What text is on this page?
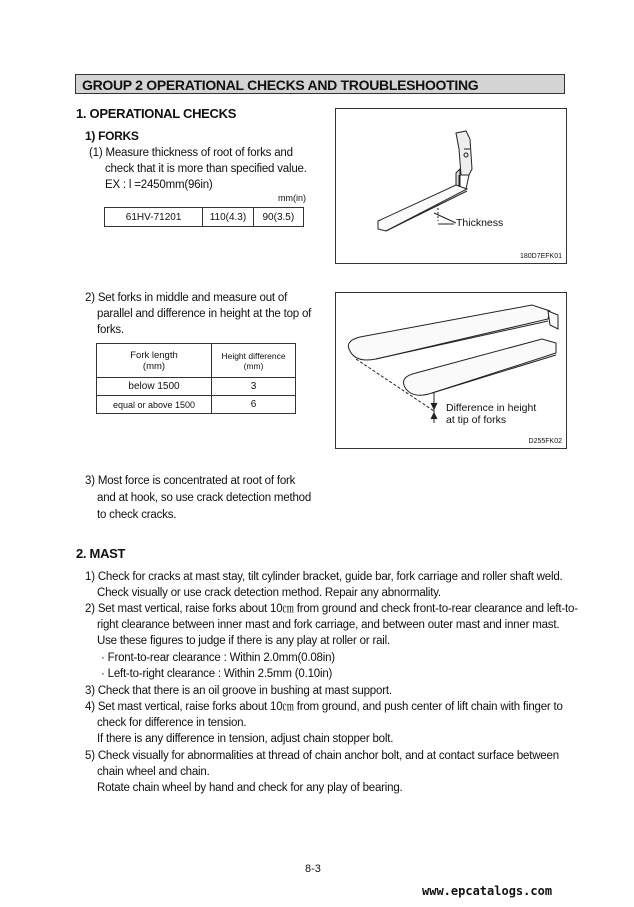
GROUP 2 OPERATIONAL CHECKS AND TROUBLESHOOTING
1. OPERATIONAL CHECKS
1) FORKS
(1) Measure thickness of root of forks and
check that it is more than specified value.
EX : l =2450mm(96in)
mm(in)
61HV-71201	110(4.3)	90(3.5)	Thickness
180D7EFK01
2) Set forks in middle and measure out of
parallel and difference in height at the top of
forks.
Fork length
(mm)	Height difference
(mm)
below 1500	3
equal or above 1500	6	Difference in height
at tip of forks
D255FK02
3) Most force is concentrated at root of fork
and at hook, so use crack detection method
to check cracks.
2. MAST
1) Check for cracks at mast stay, tilt cylinder bracket, guide bar, fork carriage and roller shaft weld.
Check visually or use crack detection method. Repair any abnormality.
2) Set mast vertical, raise forks about 10㎝ from ground and check front-to-rear clearance and left-to-
right clearance between inner mast and fork carriage, and between outer mast and inner mast.
Use these figures to judge if there is any play at roller or rail.
· Front-to-rear clearance : Within 2.0mm(0.08in)
· Left-to-right clearance : Within 2.5mm (0.10in)
3) Check that there is an oil groove in bushing at mast support.
4) Set mast vertical, raise forks about 10㎝ from ground, and push center of lift chain with finger to
check for difference in tension.
If there is any difference in tension, adjust chain stopper bolt.
5) Check visually for abnormalities at thread of chain anchor bolt, and at contact surface between
chain wheel and chain.
Rotate chain wheel by hand and check for any play of bearing.
8-3
www.epcatalogs.com
